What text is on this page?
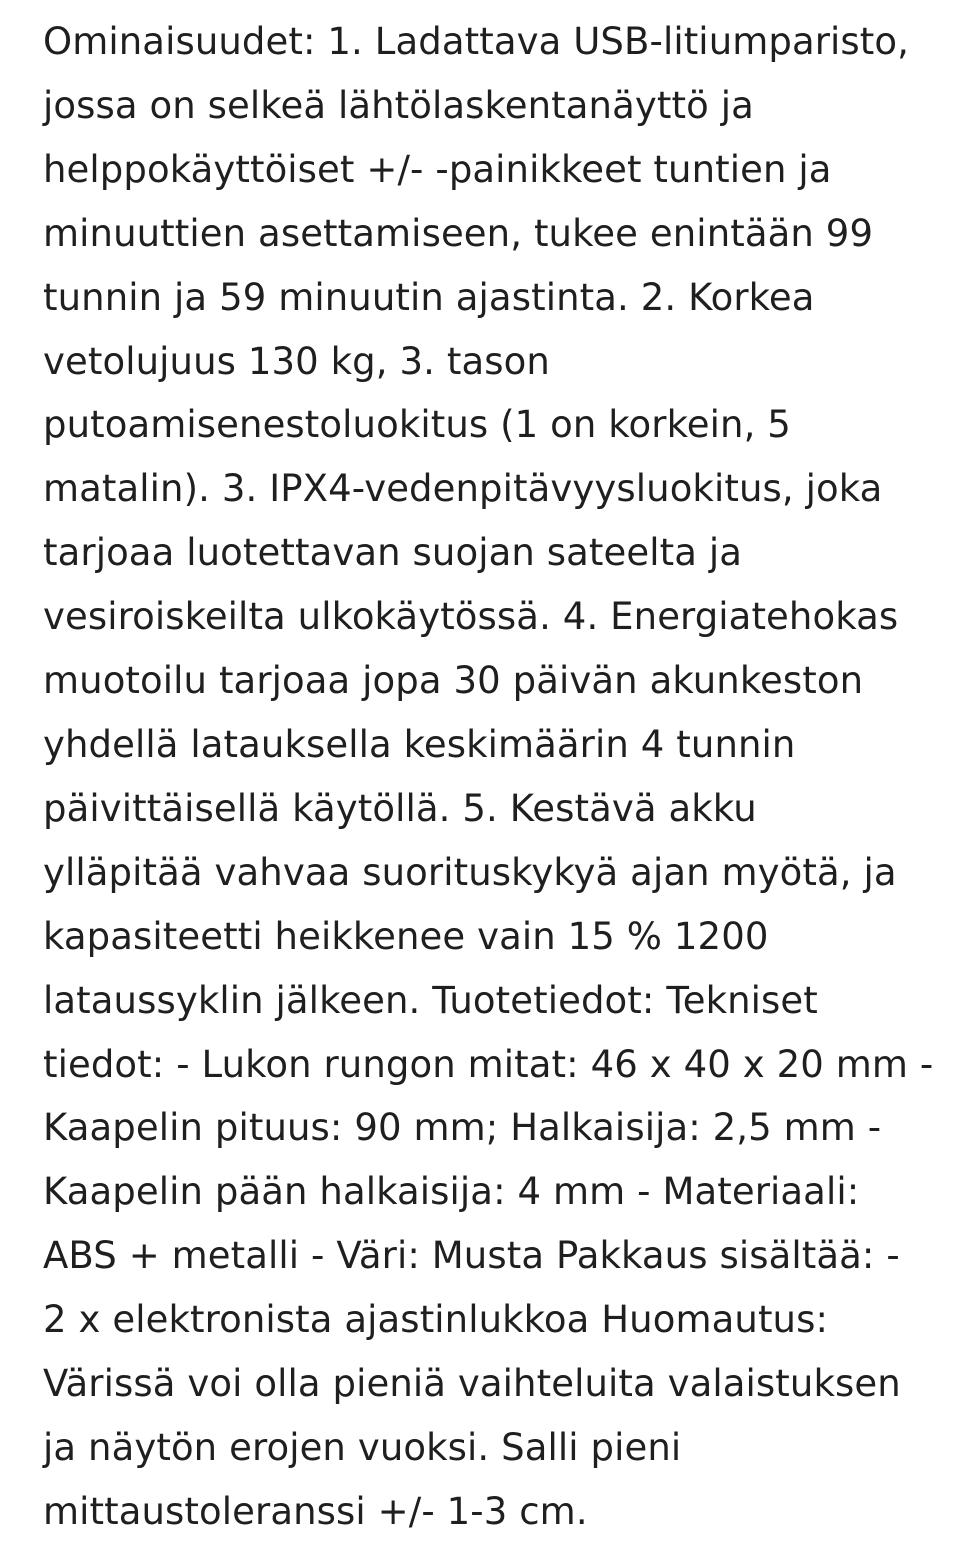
Ominaisuudet: 1. Ladattava USB-litiumparisto,
jossa on selkeä lähtölaskentanäyttö ja
helppokäyttöiset +/- -painikkeet tuntien ja
minuuttien asettamiseen, tukee enintään 99
tunnin ja 59 minuutin ajastinta. 2. Korkea
vetolujuus 130 kg, 3. tason
putoamisenestoluokitus (1 on korkein, 5
matalin). 3. IPX4-vedenpitävyysluokitus, joka
tarjoaa luotettavan suojan sateelta ja
vesiroiskeilta ulkokäytössä. 4. Energiatehokas
muotoilu tarjoaa jopa 30 päivän akunkeston
yhdellä latauksella keskimäärin 4 tunnin
päivittäisellä käytöllä. 5. Kestävä akku
ylläpitää vahvaa suorituskykyä ajan myötä, ja
kapasiteetti heikkenee vain 15 % 1200
lataussyklin jälkeen. Tuotetiedot: Tekniset
tiedot: - Lukon rungon mitat: 46 x 40 x 20 mm -
Kaapelin pituus: 90 mm; Halkaisija: 2,5 mm -
Kaapelin pään halkaisija: 4 mm - Materiaali:
ABS + metalli - Väri: Musta Pakkaus sisältää: -
2 x elektronista ajastinlukkoa Huomautus:
Värissä voi olla pieniä vaihteluita valaistuksen
ja näytön erojen vuoksi. Salli pieni
mittaustoleranssi +/- 1-3 cm.
